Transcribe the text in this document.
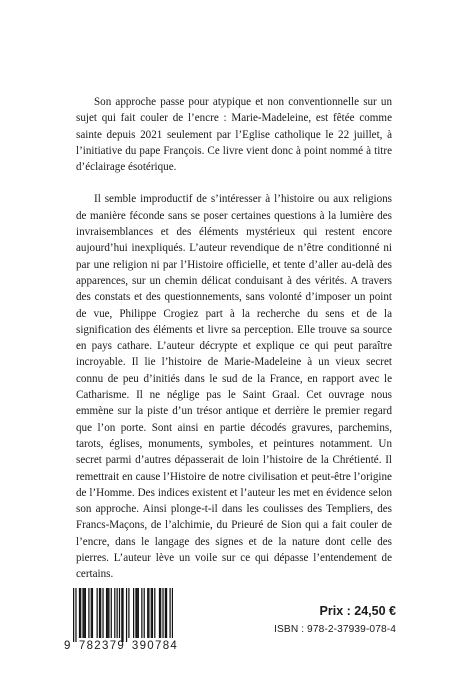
Son approche passe pour atypique et non conventionnelle sur un sujet qui fait couler de l’encre : Marie-Madeleine, est fêtée comme sainte depuis 2021 seulement par l’Eglise catholique le 22 juillet, à l’initiative du pape François. Ce livre vient donc à point nommé à titre d’éclairage ésotérique.

Il semble improductif de s’intéresser à l’histoire ou aux religions de manière féconde sans se poser certaines questions à la lumière des invraisemblances et des éléments mystérieux qui restent encore aujourd’hui inexpliqués. L’auteur revendique de n’être conditionné ni par une religion ni par l’Histoire officielle, et tente d’aller au-delà des apparences, sur un chemin délicat conduisant à des vérités. A travers des constats et des questionnements, sans volonté d’imposer un point de vue, Philippe Crogiez part à la recherche du sens et de la signification des éléments et livre sa perception. Elle trouve sa source en pays cathare. L’auteur décrypte et explique ce qui peut paraître incroyable. Il lie l’histoire de Marie-Madeleine à un vieux secret connu de peu d’initiés dans le sud de la France, en rapport avec le Catharisme. Il ne néglige pas le Saint Graal. Cet ouvrage nous emmène sur la piste d’un trésor antique et derrière le premier regard que l’on porte. Sont ainsi en partie décodés gravures, parchemins, tarots, églises, monuments, symboles, et peintures notamment. Un secret parmi d’autres dépasserait de loin l’histoire de la Chrétienté. Il remettrait en cause l’Histoire de notre civilisation et peut-être l’origine de l’Homme. Des indices existent et l’auteur les met en évidence selon son approche. Ainsi plonge-t-il dans les coulisses des Templiers, des Francs-Maçons, de l’alchimie, du Prieuré de Sion qui a fait couler de l’encre, dans le langage des signes et de la nature dont celle des pierres. L’auteur lève un voile sur ce qui dépasse l’entendement de certains.

9 782379 390784
Prix : 24,50 €
ISBN : 978-2-37939-078-4
